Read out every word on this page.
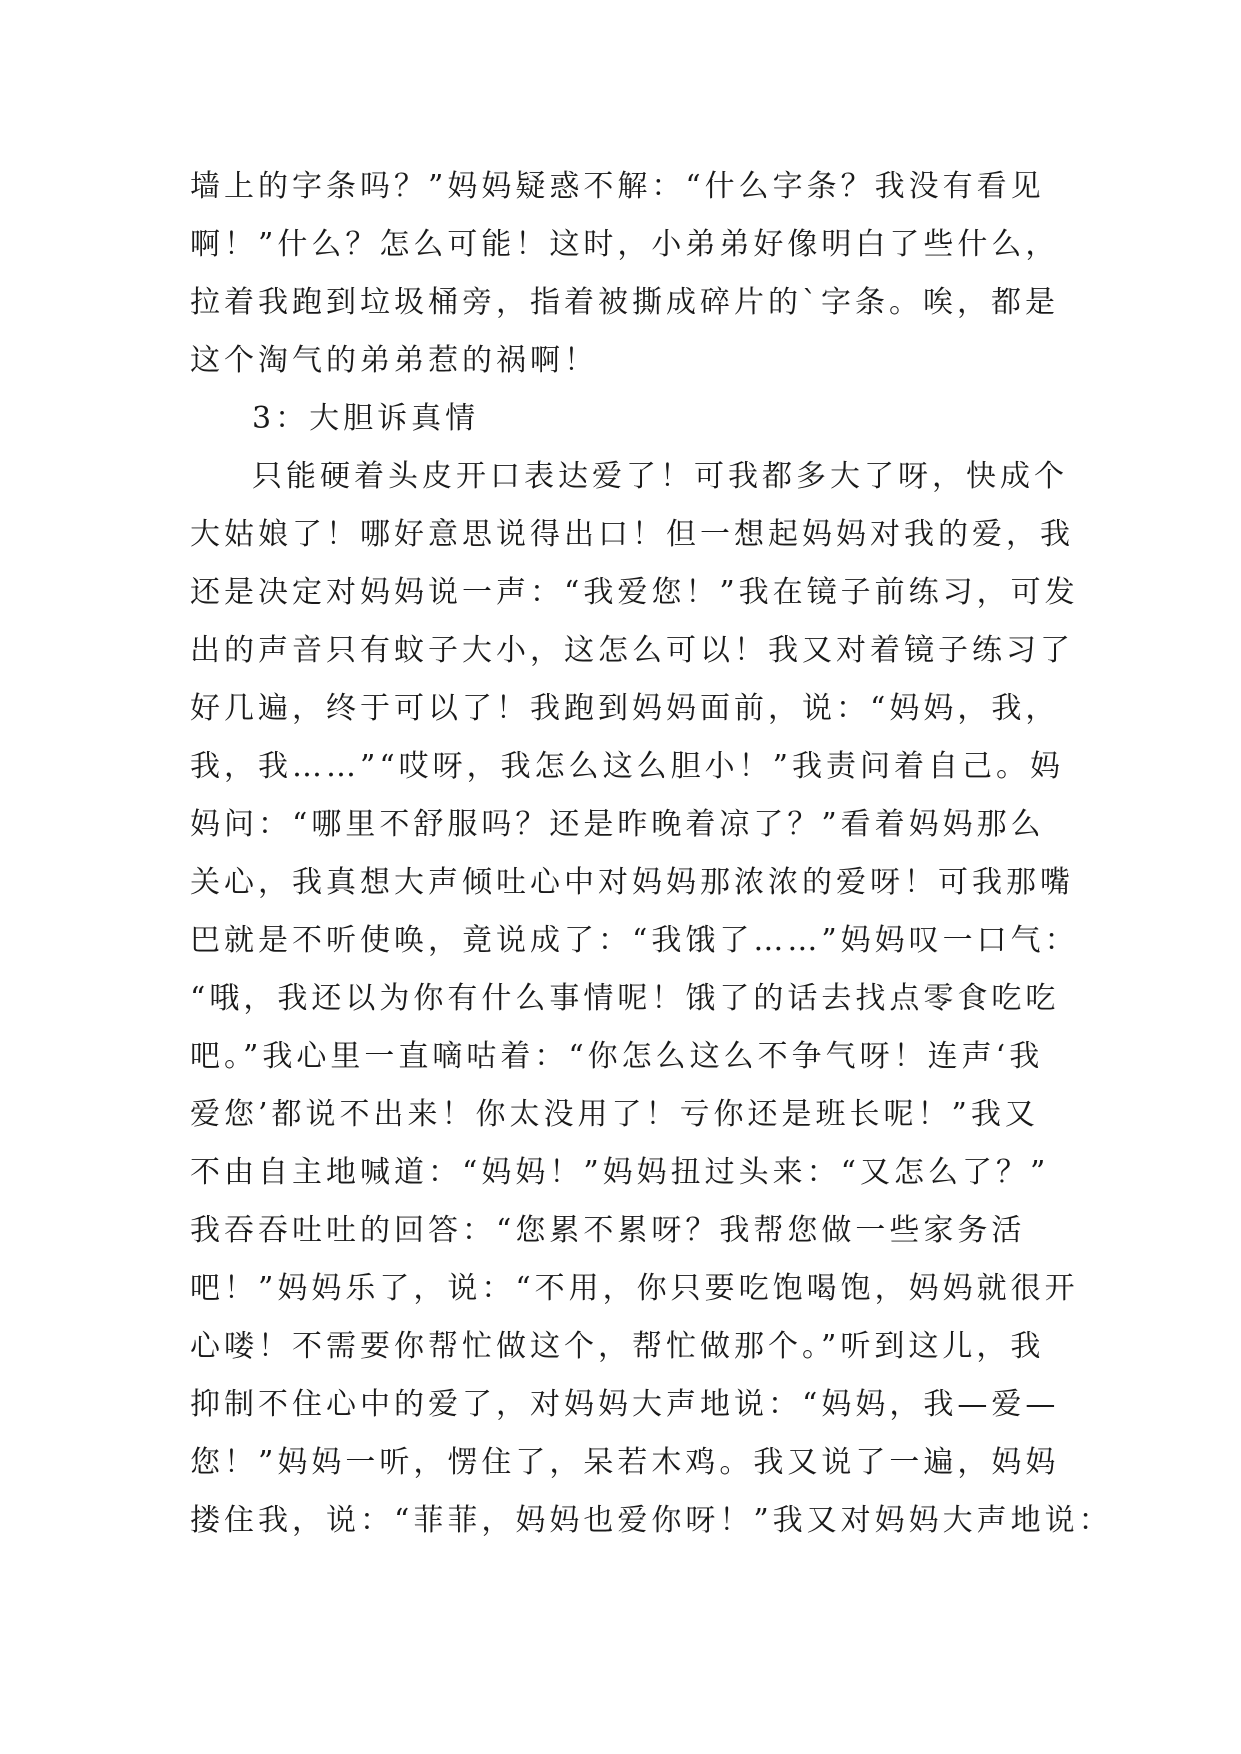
墙上的字条吗？”妈妈疑惑不解：“什么字条？我没有看见
啊！”什么？怎么可能！这时，小弟弟好像明白了些什么，
拉着我跑到垃圾桶旁，指着被撕成碎片的`字条。唉，都是
这个淘气的弟弟惹的祸啊！
3：大胆诉真情
只能硬着头皮开口表达爱了！可我都多大了呀，快成个
大姑娘了！哪好意思说得出口！但一想起妈妈对我的爱，我
还是决定对妈妈说一声：“我爱您！”我在镜子前练习，可发
出的声音只有蚊子大小，这怎么可以！我又对着镜子练习了
好几遍，终于可以了！我跑到妈妈面前，说：“妈妈，我，
我，我……”“哎呀，我怎么这么胆小！”我责问着自己。妈
妈问：“哪里不舒服吗？还是昨晚着凉了？”看着妈妈那么
关心，我真想大声倾吐心中对妈妈那浓浓的爱呀！可我那嘴
巴就是不听使唤，竟说成了：“我饿了……”妈妈叹一口气：
“哦，我还以为你有什么事情呢！饿了的话去找点零食吃吃
吧。”我心里一直嘀咕着：“你怎么这么不争气呀！连声‘我
爱您’都说不出来！你太没用了！亏你还是班长呢！”我又
不由自主地喊道：“妈妈！”妈妈扭过头来：“又怎么了？”
我吞吞吐吐的回答：“您累不累呀？我帮您做一些家务活
吧！”妈妈乐了，说：“不用，你只要吃饱喝饱，妈妈就很开
心喽！不需要你帮忙做这个，帮忙做那个。”听到这儿，我
抑制不住心中的爱了，对妈妈大声地说：“妈妈，我—爱—
您！”妈妈一听，愣住了，呆若木鸡。我又说了一遍，妈妈
搂住我，说：“菲菲，妈妈也爱你呀！”我又对妈妈大声地说：
